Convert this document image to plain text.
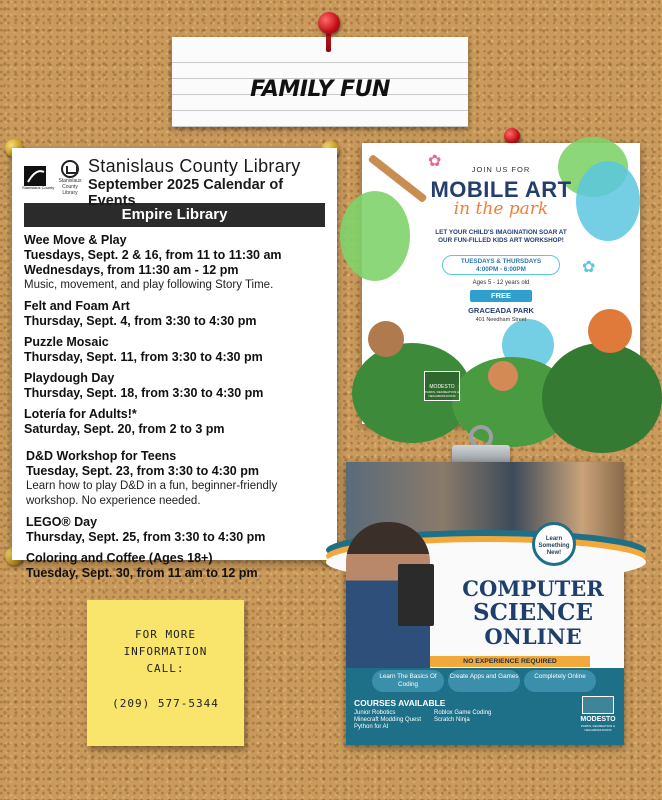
FAMILY FUN
Stanislaus County
Stanislaus County Library
Stanislaus County Library
September 2025 Calendar of Events
Empire Library
Wee Move & Play
Tuesdays, Sept. 2 & 16, from 11 to 11:30 am
Wednesdays, from 11:30 am - 12 pm
Music, movement, and play following Story Time.
Felt and Foam Art
Thursday, Sept. 4, from 3:30 to 4:30 pm
Puzzle Mosaic
Thursday, Sept. 11, from 3:30 to 4:30 pm
Playdough Day
Thursday, Sept. 18, from 3:30 to 4:30 pm
Lotería for Adults!*
Saturday, Sept. 20, from 2 to 3 pm
D&D Workshop for Teens
Tuesday, Sept. 23, from 3:30 to 4:30 pm
Learn how to play D&D in a fun, beginner-friendly
workshop. No experience needed.
LEGO® Day
Thursday, Sept. 25, from 3:30 to 4:30 pm
Coloring and Coffee (Ages 18+)
Tuesday, Sept. 30, from 11 am to 12 pm
✿
✿
JOIN US FOR
MOBILE ART
in the park
LET YOUR CHILD'S IMAGINATION SOAR AT
OUR FUN-FILLED KIDS ART WORKSHOP!
TUESDAYS & THURSDAYS
4:00PM - 6:00PM
Ages 5 - 12 years old
FREE
GRACEADA PARK
401 Needham Street
MODESTO
PARKS, RECREATION & NEIGHBORHOODS
Learn Something New!
COMPUTER
SCIENCE
ONLINE
NO EXPERIENCE REQUIRED
Learn The Basics Of Coding
Create Apps and Games	Completely Online
COURSES AVAILABLE
Junior Robotics
Minecraft Modding Quest
Python for AI
Roblox Game Coding
Scratch Ninja	MODESTO
PARKS, RECREATION & NEIGHBORHOODS
FOR MORE
INFORMATION
CALL:
(209) 577-5344
